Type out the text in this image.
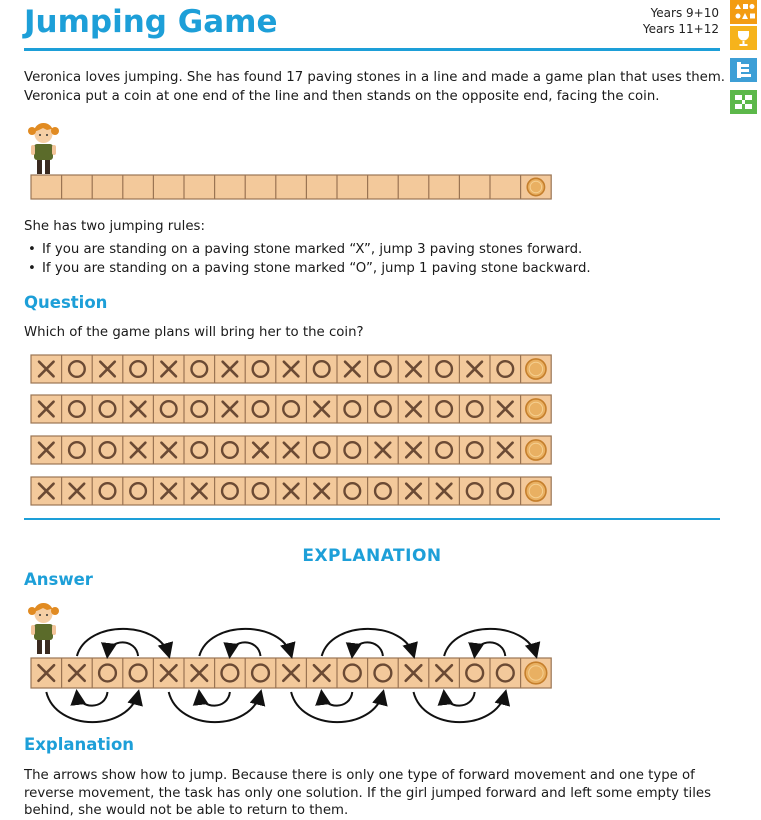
Jumping Game	Years 9+10
Years 11+12

Veronica loves jumping. She has found 17 paving stones in a line and made a game plan that uses them. Veronica put a coin at one end of the line and then stands on the opposite end, facing the coin.

She has two jumping rules:

• If you are standing on a paving stone marked “X”, jump 3 paving stones forward.
• If you are standing on a paving stone marked “O”, jump 1 paving stone backward.
Question

Which of the game plans will bring her to the coin?

EXPLANATION
Answer
Explanation

The arrows show how to jump. Because there is only one type of forward movement and one type of reverse movement, the task has only one solution. If the girl jumped forward and left some empty tiles behind, she would not be able to return to them.
